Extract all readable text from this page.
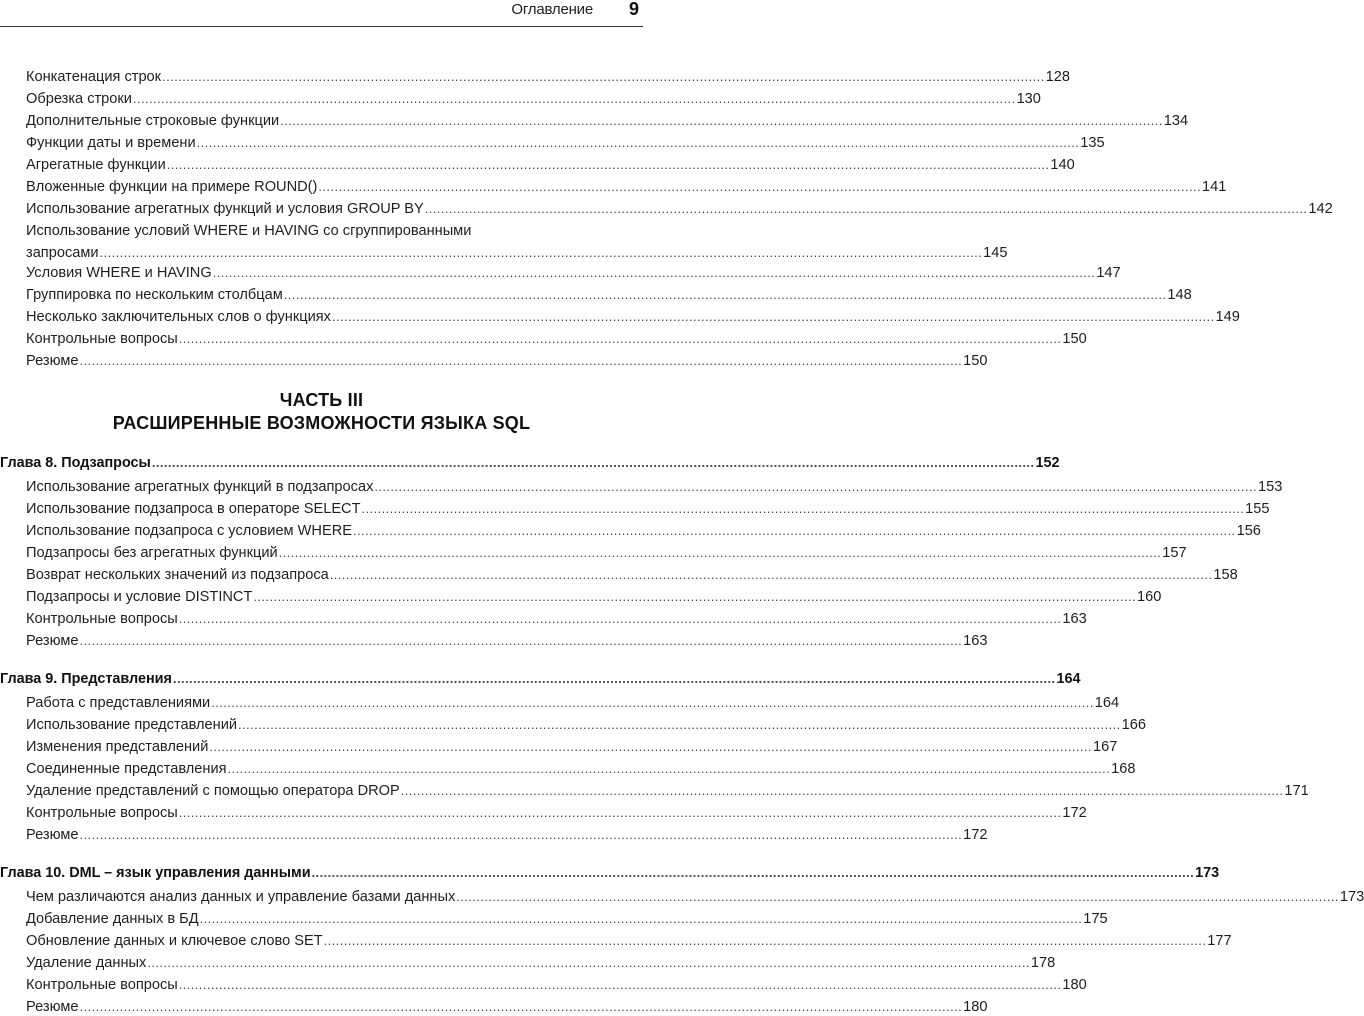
Оглавление 9
Конкатенация строк ............................................................................................................................................................................................................................ 128
Обрезка строки ............................................................................................................................................................................................................................ 130
Дополнительные строковые функции ............................................................................................................................................................................................................................ 134
Функции даты и времени ............................................................................................................................................................................................................................ 135
Агрегатные функции ............................................................................................................................................................................................................................ 140
Вложенные функции на примере ROUND() ............................................................................................................................................................................................................................ 141
Использование агрегатных функций и условия GROUP BY ............................................................................................................................................................................................................................ 142
Использование условий WHERE и HAVING со сгруппированными
запросами ............................................................................................................................................................................................................................ 145
Условия WHERE и HAVING ............................................................................................................................................................................................................................ 147
Группировка по нескольким столбцам ............................................................................................................................................................................................................................ 148
Несколько заключительных слов о функциях ............................................................................................................................................................................................................................ 149
Контрольные вопросы ............................................................................................................................................................................................................................ 150
Резюме ............................................................................................................................................................................................................................ 150
ЧАСТЬ III
РАСШИРЕННЫЕ ВОЗМОЖНОСТИ ЯЗЫКА SQL
Глава 8. Подзапросы ............................................................................................................................................................................................................................ 152
Использование агрегатных функций в подзапросах ............................................................................................................................................................................................................................ 153
Использование подзапроса в операторе SELECT ............................................................................................................................................................................................................................ 155
Использование подзапроса с условием WHERE ............................................................................................................................................................................................................................ 156
Подзапросы без агрегатных функций ............................................................................................................................................................................................................................ 157
Возврат нескольких значений из подзапроса ............................................................................................................................................................................................................................ 158
Подзапросы и условие DISTINCT ............................................................................................................................................................................................................................ 160
Контрольные вопросы ............................................................................................................................................................................................................................ 163
Резюме ............................................................................................................................................................................................................................ 163
Глава 9. Представления ............................................................................................................................................................................................................................ 164
Работа с представлениями ............................................................................................................................................................................................................................ 164
Использование представлений ............................................................................................................................................................................................................................ 166
Изменения представлений ............................................................................................................................................................................................................................ 167
Соединенные представления ............................................................................................................................................................................................................................ 168
Удаление представлений с помощью оператора DROP ............................................................................................................................................................................................................................ 171
Контрольные вопросы ............................................................................................................................................................................................................................ 172
Резюме ............................................................................................................................................................................................................................ 172
Глава 10. DML – язык управления данными ............................................................................................................................................................................................................................ 173
Чем различаются анализ данных и управление базами данных ............................................................................................................................................................................................................................ 173
Добавление данных в БД ............................................................................................................................................................................................................................ 175
Обновление данных и ключевое слово SET ............................................................................................................................................................................................................................ 177
Удаление данных ............................................................................................................................................................................................................................ 178
Контрольные вопросы ............................................................................................................................................................................................................................ 180
Резюме ............................................................................................................................................................................................................................ 180
